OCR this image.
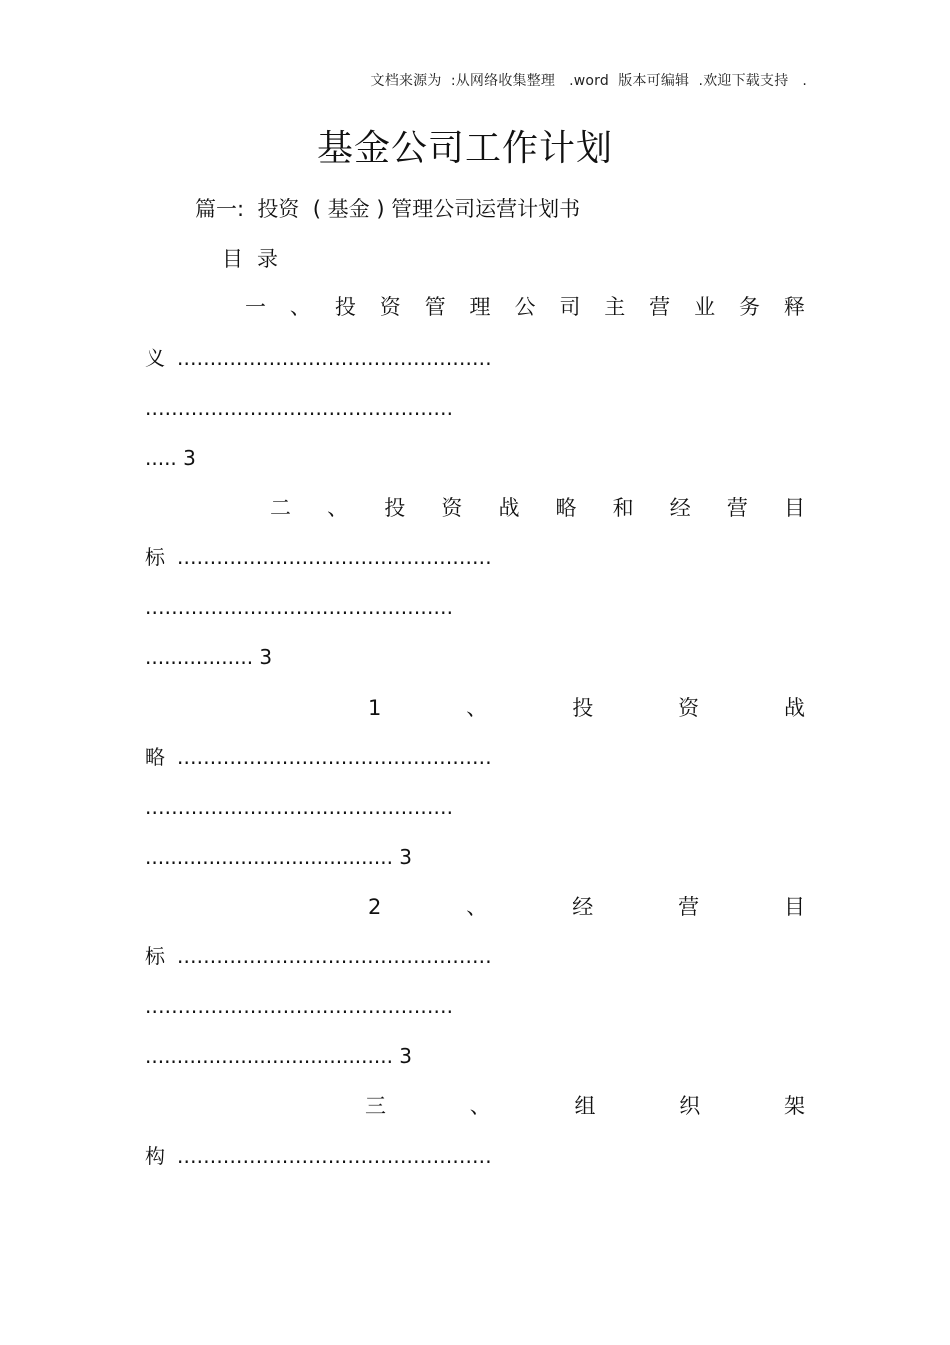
文档来源为  :从网络收集整理   .word  版本可编辑  .欢迎下载支持   .
基金公司工作计划
篇一:  投资  ( 基金 ) 管理公司运营计划书
目录
一 、 投 资 管 理 公 司 主 营 业 务 释
义 ................................................
...............................................
..... 3
二 、 投 资 战 略 和 经 营 目
标 ................................................
...............................................
................. 3
1	、	投	资	战
略 ................................................
...............................................
....................................... 3
2	、	经	营	目
标 ................................................
...............................................
....................................... 3
三	、	组	织	架
构 ................................................
